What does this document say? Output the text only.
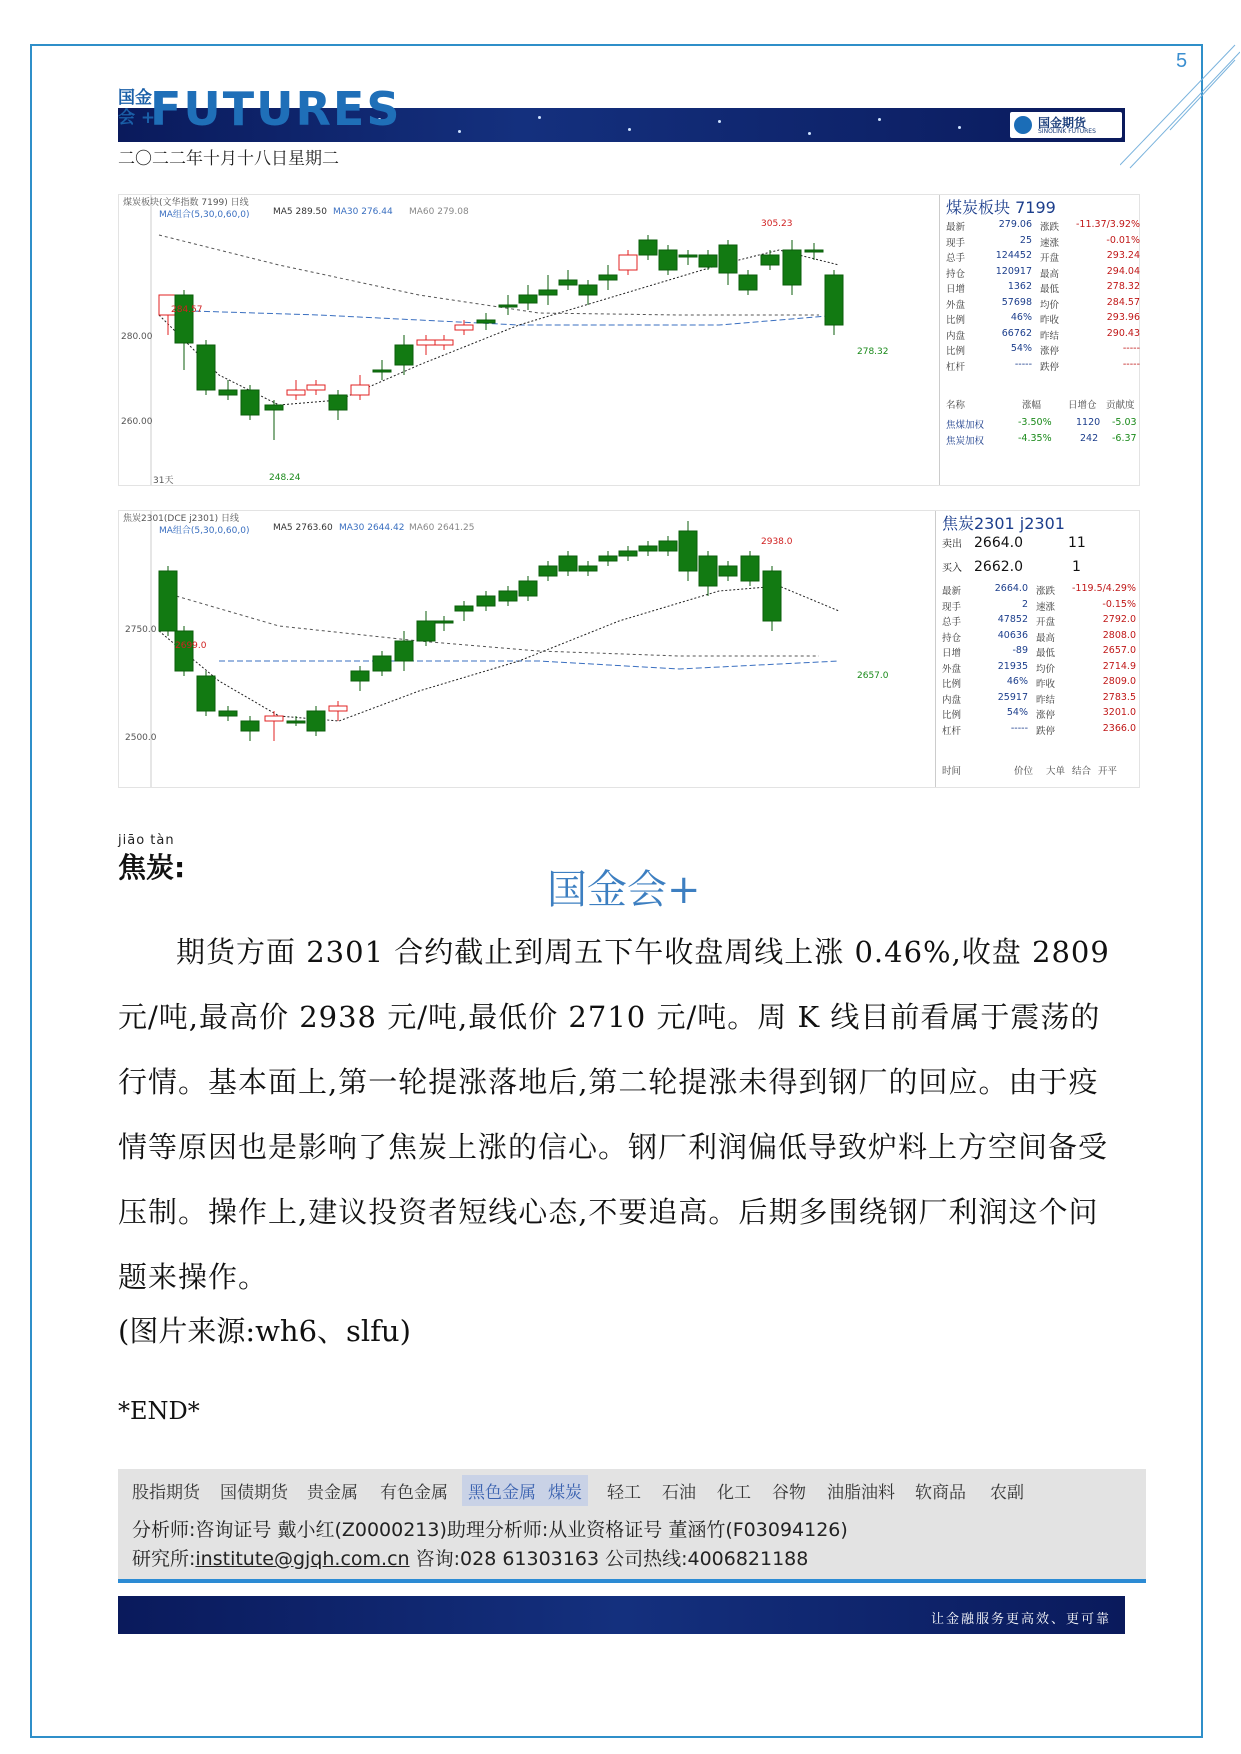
5
国金
会 +
FUTURES	国金期货
SINOLINK FUTURES
二〇二二年十月十八日星期二
煤炭板块(文华指数 7199) 日线
MA组合(5,30,0,60,0)	MA5 289.50 MA30 276.44 MA60 279.08
280.00
260.00
305.23
284.57
248.24
278.32
31天
煤炭板块 7199
最新	279.06 涨跌	-11.37/3.92%
现手	25 速涨	-0.01%
总手	124452 开盘	293.24
持仓	120917 最高	294.04
日增	1362 最低	278.32
外盘	57698 均价	284.57
比例	46% 昨收	293.96
内盘	66762 昨结	290.43
比例	54% 涨停	-----
杠杆	----- 跌停	-----
名称	涨幅	日增仓 贡献度
焦煤加权	-3.50%	1120 -5.03
焦炭加权	-4.35%	242 -6.37
焦炭2301(DCE j2301) 日线
MA组合(5,30,0,60,0)	MA5 2763.60 MA30 2644.42 MA60 2641.25
2750.0
2500.0
2938.0
2699.0
2657.0
焦炭2301 j2301
卖出 2664.0	11
买入 2662.0	1
最新	2664.0 涨跌	-119.5/4.29%
现手	2 速涨	-0.15%
总手	47852 开盘	2792.0
持仓	40636 最高	2808.0
日增	-89 最低	2657.0
外盘	21935 均价	2714.9
比例	46% 昨收	2809.0
内盘	25917 昨结	2783.5
比例	54% 涨停	3201.0
杠杆	----- 跌停	2366.0
时间	价位 大单 结合 开平
jiāo tàn
焦炭:	国金会+

期货方面 2301 合约截止到周五下午收盘周线上涨 0.46%,收盘 2809 元/吨,最高价 2938 元/吨,最低价 2710 元/吨。周 K 线目前看属于震荡的行情。基本面上,第一轮提涨落地后,第二轮提涨未得到钢厂的回应。由于疫情等原因也是影响了焦炭上涨的信心。钢厂利润偏低导致炉料上方空间备受压制。操作上,建议投资者短线心态,不要追高。后期多围绕钢厂利润这个问题来操作。

(图片来源:wh6、slfu)
*END*
股指期货 国债期货 贵金属 有色金属	黑色金属 煤炭	轻工 石油 化工 谷物 油脂油料 软商品 农副
分析师:咨询证号 戴小红(Z0000213)助理分析师:从业资格证号 董涵竹(F03094126)
研究所:institute@gjqh.com.cn 咨询:028 61303163 公司热线:4006821188
让金融服务更高效、更可靠
